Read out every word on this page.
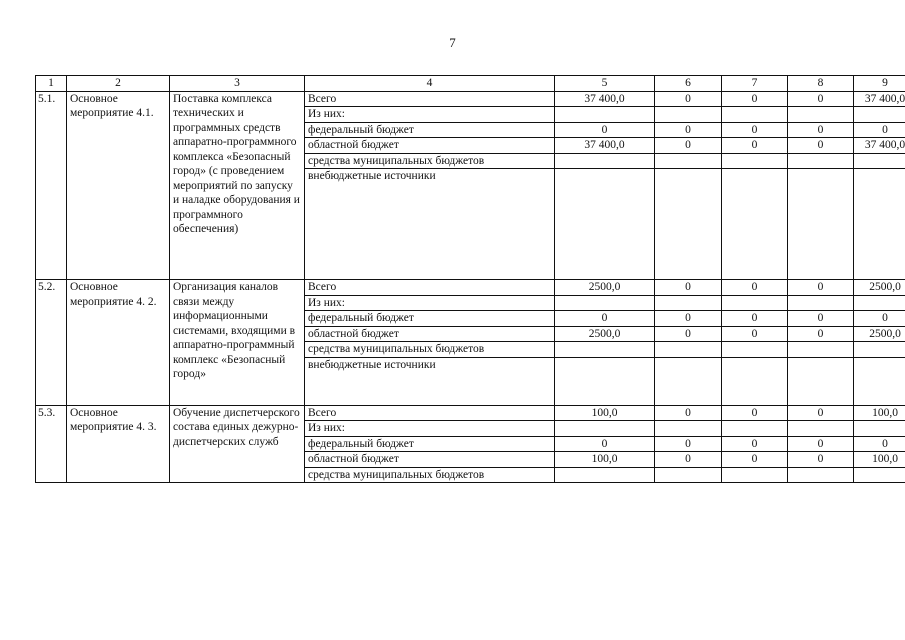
7
1	2	3	4	5	6	7	8	9
5.1.	Основное мероприятие 4.1.	Поставка комплекса технических и программных средств аппаратно-программного комплекса «Безопасный город» (с проведением мероприятий по запуску и наладке оборудования и программного обеспечения)	Всего	37 400,0	0	0	0	37 400,0
			Из них:					
			федеральный бюджет	0	0	0	0	0
			областной бюджет	37 400,0	0	0	0	37 400,0
			средства муниципальных бюджетов					
			внебюджетные источники					
5.2.	Основное мероприятие 4. 2.	Организация каналов связи между информационными системами, входящими в аппаратно-программный комплекс «Безопасный город»	Всего	2500,0	0	0	0	2500,0
			Из них:					
			федеральный бюджет	0	0	0	0	0
			областной бюджет	2500,0	0	0	0	2500,0
			средства муниципальных бюджетов					
			внебюджетные источники					
5.3.	Основное мероприятие 4. 3.	Обучение диспетчерского состава единых дежурно-диспетчерских служб	Всего	100,0	0	0	0	100,0
			Из них:					
			федеральный бюджет	0	0	0	0	0
			областной бюджет	100,0	0	0	0	100,0
			средства муниципальных бюджетов					
